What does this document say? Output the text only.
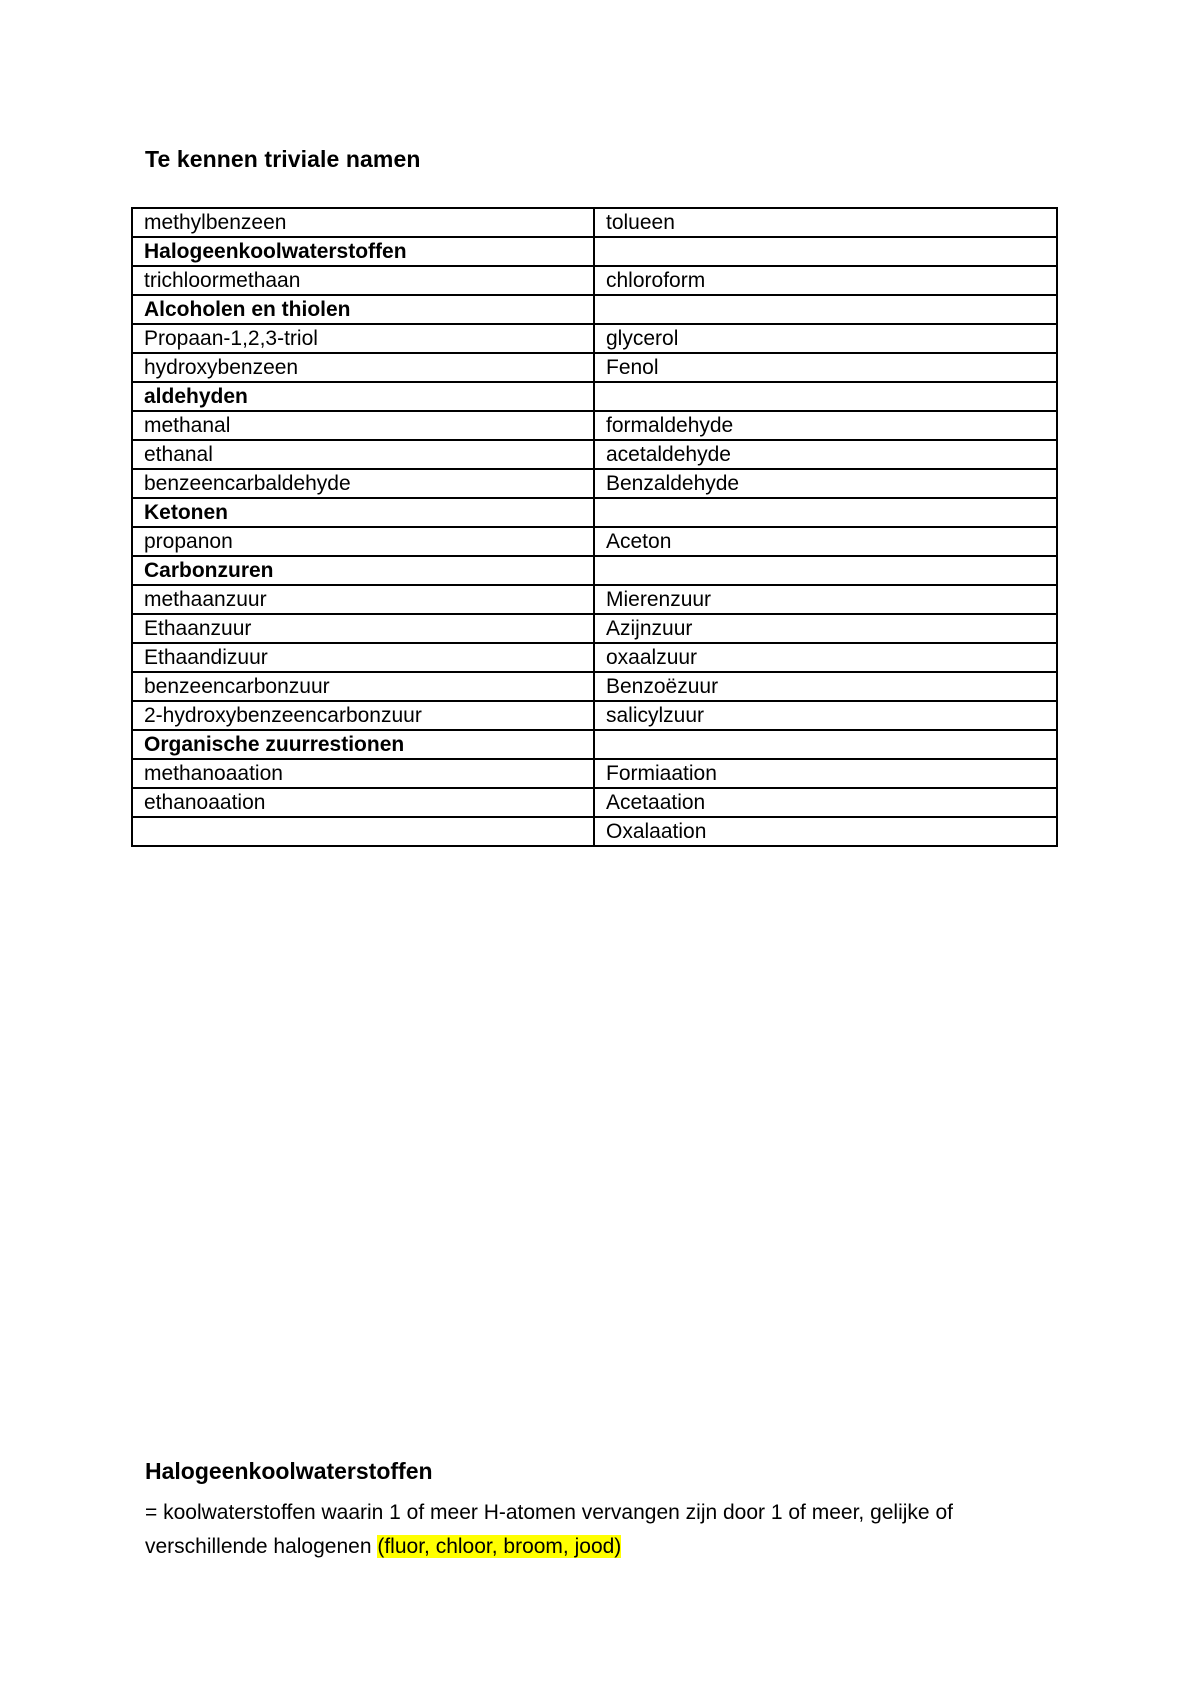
Te kennen triviale namen
methylbenzeen	tolueen
Halogeenkoolwaterstoffen	
trichloormethaan	chloroform
Alcoholen en thiolen	
Propaan-1,2,3-triol	glycerol
hydroxybenzeen	Fenol
aldehyden	
methanal	formaldehyde
ethanal	acetaldehyde
benzeencarbaldehyde	Benzaldehyde
Ketonen	
propanon	Aceton
Carbonzuren	
methaanzuur	Mierenzuur
Ethaanzuur	Azijnzuur
Ethaandizuur	oxaalzuur
benzeencarbonzuur	Benzoëzuur
2-hydroxybenzeencarbonzuur	salicylzuur
Organische zuurrestionen	
methanoaation	Formiaation
ethanoaation	Acetaation
	Oxalaation
Halogeenkoolwaterstoffen
= koolwaterstoffen waarin 1 of meer H-atomen vervangen zijn door 1 of meer, gelijke of verschillende halogenen (fluor, chloor, broom, jood)
